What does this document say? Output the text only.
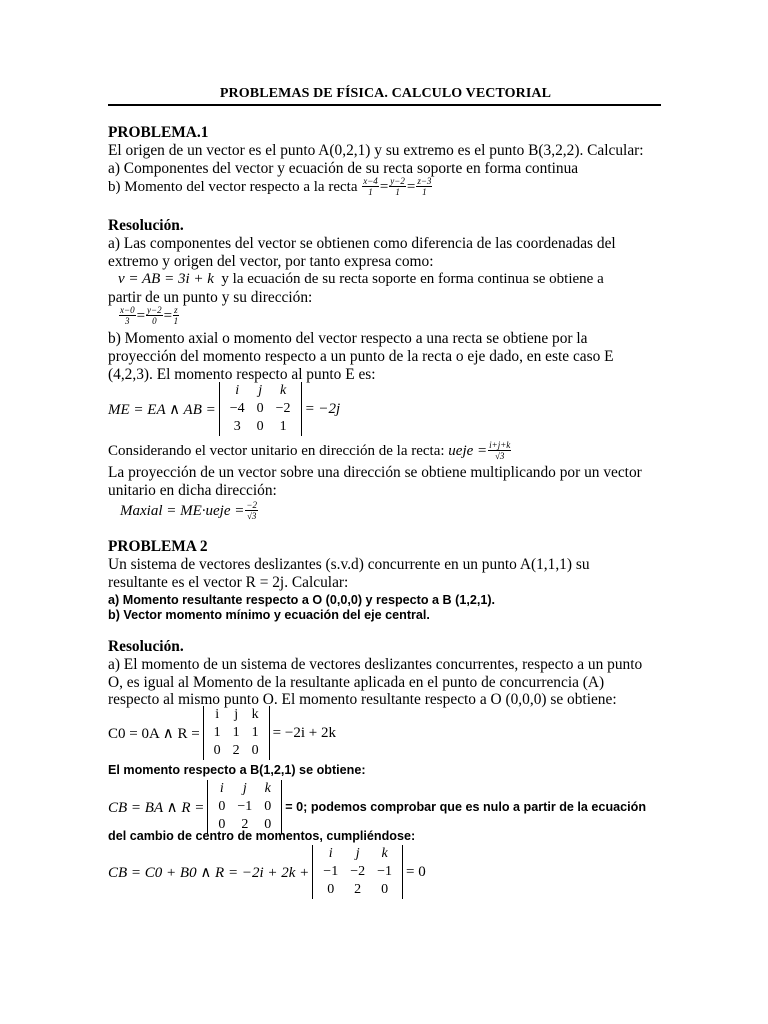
PROBLEMAS DE FÍSICA. CALCULO VECTORIAL
PROBLEMA.1
El origen de un vector es el punto A(0,2,1) y su extremo es el punto B(3,2,2). Calcular:
a) Componentes del vector y ecuación de su recta soporte en forma continua
b) Momento del vector respecto a la recta
$\frac{x-4}{1} = \frac{y-2}{1} = \frac{z-3}{1}$
Resolución.
a) Las componentes del vector se obtienen como diferencia de las coordenadas del
extremo y origen del vector, por tanto expresa como:
v = AB = 3i + k
y la ecuación de su recta soporte en forma continua se obtiene a
partir de un punto y su dirección:
$\frac{x-0}{3} = \frac{y-2}{0} = \frac{z}{1}$
b) Momento axial o momento del vector respecto a una recta se obtiene por la
proyección del momento respecto a un punto de la recta o eje dado, en este caso E
(4,2,3). El momento respecto al punto E es:
ME = EA ∧ AB =
i	j	k
−4	0	−2
3	0	1
= −2j
Considerando el vector unitario en dirección de la recta:
ueje = $\frac{i+j+k}{√3}$
La proyección de un vector sobre una dirección se obtiene multiplicando por un vector
unitario en dicha dirección:
Maxial = ME·ueje = $\frac{-2}{√3}$
PROBLEMA 2
Un sistema de vectores deslizantes (s.v.d) concurrente en un punto A(1,1,1) su
resultante es el vector R = 2j. Calcular:
a) Momento resultante respecto a O (0,0,0) y respecto a B (1,2,1).
b) Vector momento mínimo y ecuación del eje central.
Resolución.
a) El momento de un sistema de vectores deslizantes concurrentes, respecto a un punto
O, es igual al Momento de la resultante aplicada en el punto de concurrencia (A)
respecto al mismo punto O. El momento resultante respecto a O (0,0,0) se obtiene:
C0 = 0A ∧ R =
i	j	k
1	1	1
0	2	0
= −2i + 2k
El momento respecto a B(1,2,1) se obtiene:
CB = BA ∧ R =
i	j	k
0	−1	0
0	2	0
= 0; podemos comprobar que es nulo a partir de la ecuación
del cambio de centro de momentos, cumpliéndose:
CB = C0 + B0 ∧ R = −2i + 2k +
i	j	k
−1	−2	−1
0	2	0
= 0
